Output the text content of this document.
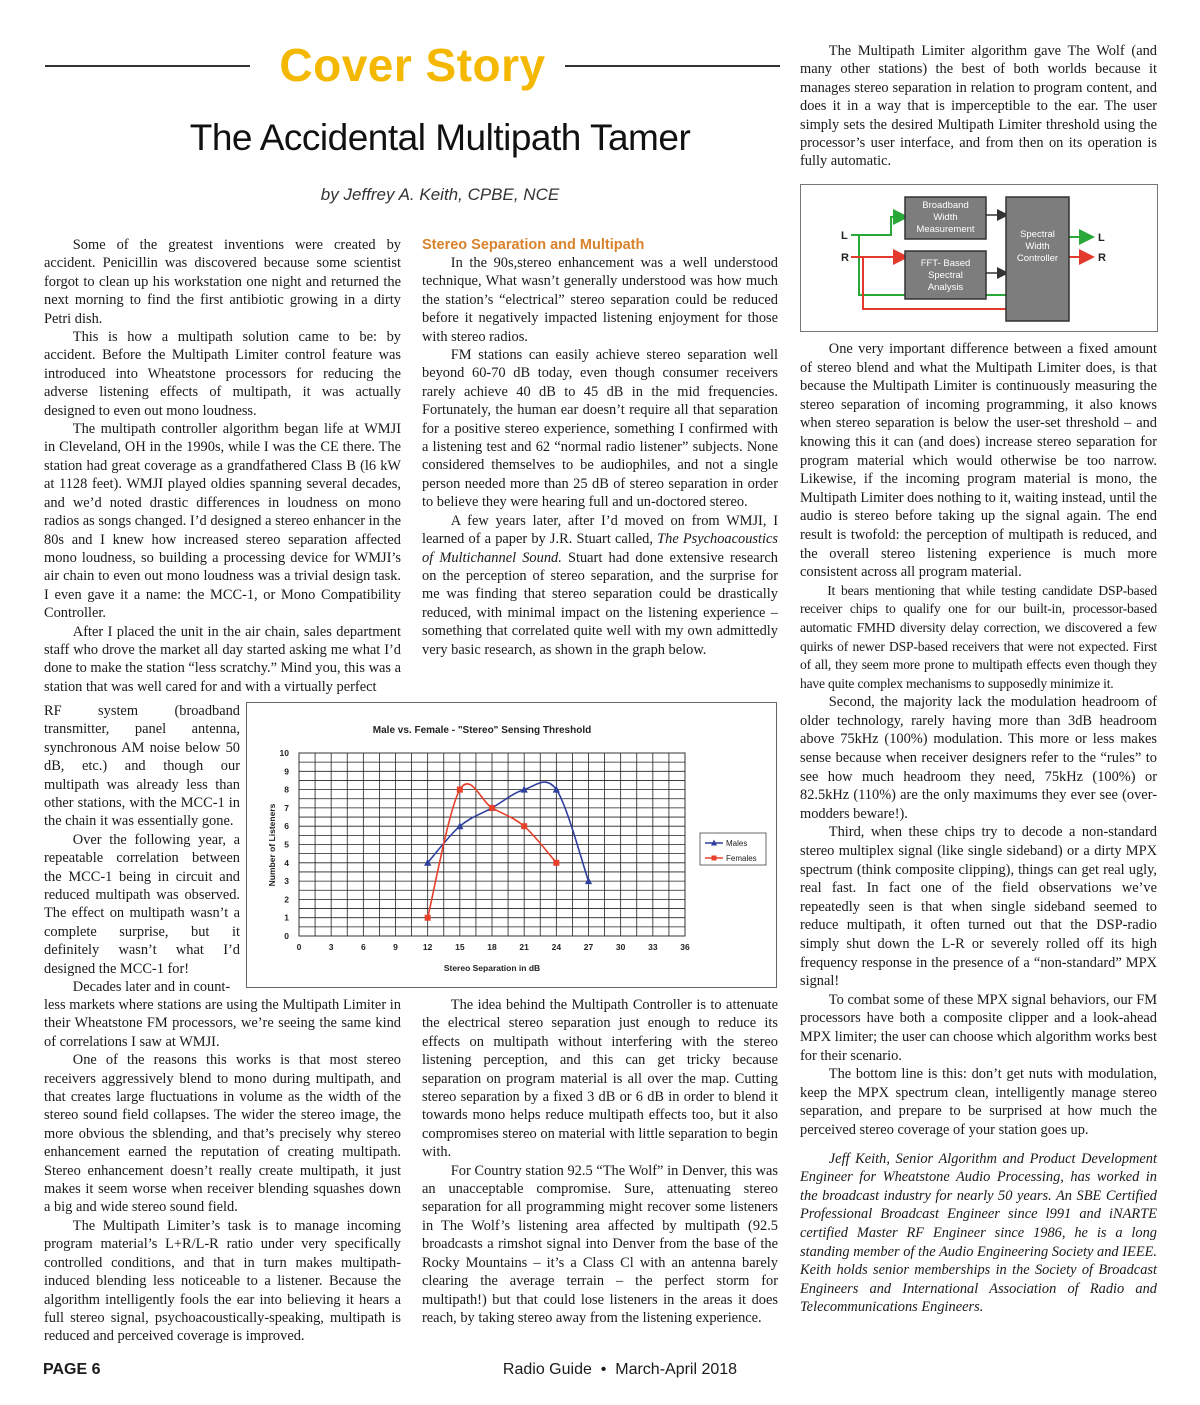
Cover Story
The Accidental Multipath Tamer
by Jeffrey A. Keith, CPBE, NCE

Some of the greatest inventions were created by accident. Penicillin was discovered because some scientist forgot to clean up his workstation one night and returned the next morning to find the first antibiotic growing in a dirty Petri dish.

This is how a multipath solution came to be: by accident. Before the Multipath Limiter control feature was introduced into Wheatstone processors for reducing the adverse listening effects of multipath, it was actually designed to even out mono loudness.

The multipath controller algorithm began life at WMJI in Cleveland, OH in the 1990s, while I was the CE there. The station had great coverage as a grandfathered Class B (l6 kW at 1128 feet). WMJI played oldies spanning several decades, and we’d noted drastic differences in loudness on mono radios as songs changed. I’d designed a stereo enhancer in the 80s and I knew how increased stereo separation affected mono loudness, so building a processing device for WMJI’s air chain to even out mono loudness was a trivial design task. I even gave it a name: the MCC-1, or Mono Compatibility Controller.

After I placed the unit in the air chain, sales department staff who drove the market all day started asking me what I’d done to make the station “less scratchy.” Mind you, this was a station that was well cared for and with a virtually perfect

RF system (broadband transmitter, panel antenna, synchronous AM noise below 50 dB, etc.) and though our multipath was already less than other stations, with the MCC-1 in the chain it was essentially gone.

Over the following year, a repeatable correlation between the MCC-1 being in circuit and reduced multipath was observed. The effect on multipath wasn’t a complete surprise, but it definitely wasn’t what I’d designed the MCC-1 for!

Decades later and in count-

less markets where stations are using the Multipath Limiter in their Wheatstone FM processors, we’re seeing the same kind of correlations I saw at WMJI.

One of the reasons this works is that most stereo receivers aggressively blend to mono during multipath, and that creates large fluctuations in volume as the width of the stereo sound field collapses. The wider the stereo image, the more obvious the sblending, and that’s precisely why stereo enhancement earned the reputation of creating multipath. Stereo enhancement doesn’t really create multipath, it just makes it seem worse when receiver blending squashes down a big and wide stereo sound field.

The Multipath Limiter’s task is to manage incoming program material’s L+R/L-R ratio under very specifically controlled conditions, and that in turn makes multipath-induced blending less noticeable to a listener. Because the algorithm intelligently fools the ear into believing it hears a full stereo signal, psychoacoustically-speaking, multipath is reduced and perceived coverage is improved.

Stereo Separation and Multipath

In the 90s,stereo enhancement was a well understood technique, What wasn’t generally understood was how much the station’s “electrical” stereo separation could be reduced before it negatively impacted listening enjoyment for those with stereo radios.

FM stations can easily achieve stereo separation well beyond 60-70 dB today, even though consumer receivers rarely achieve 40 dB to 45 dB in the mid frequencies. Fortunately, the human ear doesn’t require all that separation for a positive stereo experience, something I confirmed with a listening test and 62 “normal radio listener” subjects. None considered themselves to be audiophiles, and not a single person needed more than 25 dB of stereo separation in order to believe they were hearing full and un-doctored stereo.

A few years later, after I’d moved on from WMJI, I learned of a paper by J.R. Stuart called, The Psychoacoustics of Multichannel Sound. Stuart had done extensive research on the perception of stereo separation, and the surprise for me was finding that stereo separation could be drastically reduced, with minimal impact on the listening experience – something that correlated quite well with my own admittedly very basic research, as shown in the graph below.

The idea behind the Multipath Controller is to attenuate the electrical stereo separation just enough to reduce its effects on multipath without interfering with the stereo listening perception, and this can get tricky because separation on program material is all over the map. Cutting stereo separation by a fixed 3 dB or 6 dB in order to blend it towards mono helps reduce multipath effects too, but it also compromises stereo on material with little separation to begin with.

For Country station 92.5 “The Wolf” in Denver, this was an unacceptable compromise. Sure, attenuating stereo separation for all programming might recover some listeners in The Wolf’s listening area affected by multipath (92.5 broadcasts a rimshot signal into Denver from the base of the Rocky Mountains – it’s a Class Cl with an antenna barely clearing the average terrain – the perfect storm for multipath!) but that could lose listeners in the areas it does reach, by taking stereo away from the listening experience.

The Multipath Limiter algorithm gave The Wolf (and many other stations) the best of both worlds because it manages stereo separation in relation to program content, and does it in a way that is imperceptible to the ear. The user simply sets the desired Multipath Limiter threshold using the processor’s user interface, and from then on its operation is fully automatic.

One very important difference between a fixed amount of stereo blend and what the Multipath Limiter does, is that because the Multipath Limiter is continuously measuring the stereo separation of incoming programming, it also knows when stereo separation is below the user-set threshold – and knowing this it can (and does) increase stereo separation for program material which would otherwise be too narrow. Likewise, if the incoming program material is mono, the Multipath Limiter does nothing to it, waiting instead, until the audio is stereo before taking up the signal again. The end result is twofold: the perception of multipath is reduced, and the overall stereo listening experience is much more consistent across all program material.

It bears mentioning that while testing candidate DSP-based receiver chips to qualify one for our built-in, processor-based automatic FMHD diversity delay correction, we discovered a few quirks of newer DSP-based receivers that were not expected. First of all, they seem more prone to multipath effects even though they have quite complex mechanisms to supposedly minimize it.

Second, the majority lack the modulation headroom of older technology, rarely having more than 3dB headroom above 75kHz (100%) modulation. This more or less makes sense because when receiver designers refer to the “rules” to see how much headroom they need, 75kHz (100%) or 82.5kHz (110%) are the only maximums they ever see (over-modders beware!).

Third, when these chips try to decode a non-standard stereo multiplex signal (like single sideband) or a dirty MPX spectrum (think composite clipping), things can get real ugly, real fast. In fact one of the field observations we’ve repeatedly seen is that when single sideband seemed to reduce multipath, it often turned out that the DSP-radio simply shut down the L-R or severely rolled off its high frequency response in the presence of a “non-standard” MPX signal!

To combat some of these MPX signal behaviors, our FM processors have both a composite clipper and a look-ahead MPX limiter; the user can choose which algorithm works best for their scenario.

The bottom line is this: don’t get nuts with modulation, keep the MPX spectrum clean, intelligently manage stereo separation, and prepare to be surprised at how much the perceived stereo coverage of your station goes up.

Jeff Keith, Senior Algorithm and Product Development Engineer for Wheatstone Audio Processing, has worked in the broadcast industry for nearly 50 years. An SBE Certified Professional Broadcast Engineer since l991 and iNARTE certified Master RF Engineer since 1986, he is a long standing member of the Audio Engineering Society and IEEE. Keith holds senior memberships in the Society of Broadcast Engineers and International Association of Radio and Telecommunications Engineers.

Broadband
Width
Measurement
FFT- Based
Spectral
Analysis
Spectral
Width
Controller
L
R
L
R
Male vs. Female - "Stereo" Sensing Threshold
0	3	6	9	12	15	18	21	24	27	30	33	36
0
1
2
3
4
5
6
7
8
9
10
Stereo Separation in dB
Number of Listeners	Males
Females
PAGE 6	Radio Guide  •  March-April 2018
